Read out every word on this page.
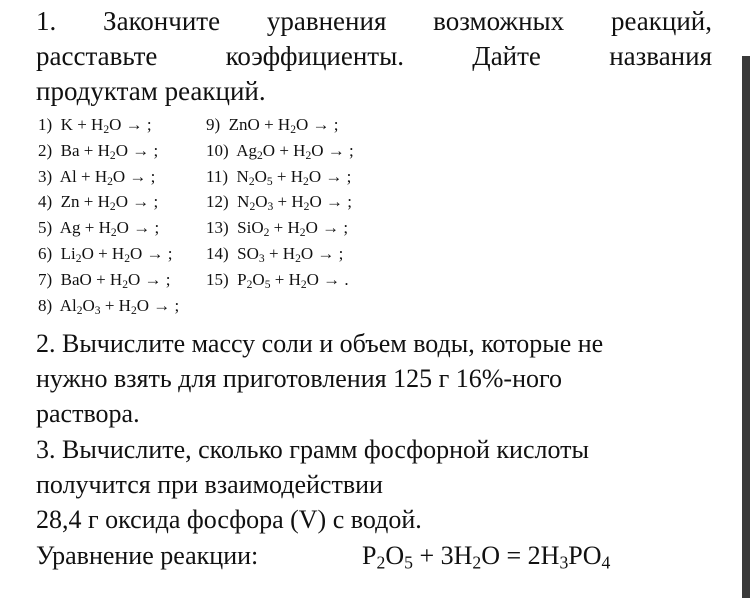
1. Закончите уравнения возможных реакций,
расставьте коэффициенты. Дайте названия
продуктам реакций.
1)  $K + H_2O$ → ;
2)  $Ba + H_2O$ → ;
3)  $Al + H_2O$ → ;
4)  $Zn + H_2O$ → ;
5)  $Ag + H_2O$ → ;
6)  $Li_2O + H_2O$ → ;
7)  BaO + $H_2O$ → ;
8)  $Al_2O_3 + H_2O$ → ;
9)  ZnO + $H_2O$ → ;
10)  $Ag_2O + H_2O$ → ;
11)  $N_2O_5 + H_2O$ → ;
12)  $N_2O_3 + H_2O$ → ;
13)  $SiO_2 + H_2O$ → ;
14)  $SO_3 + H_2O$ → ;
15)  $P_2O_5 + H_2O$ → .
2. Вычислите массу соли и объем воды, которые не
нужно взять для приготовления 125 г 16%-ного
раствора.
3. Вычислите, сколько грамм фосфорной кислоты
получится при взаимодействии
28,4 г оксида фосфора (V) с водой.
Уравнение реакции:	$P_2O_5 + 3H_2O = 2H_3PO_4$
